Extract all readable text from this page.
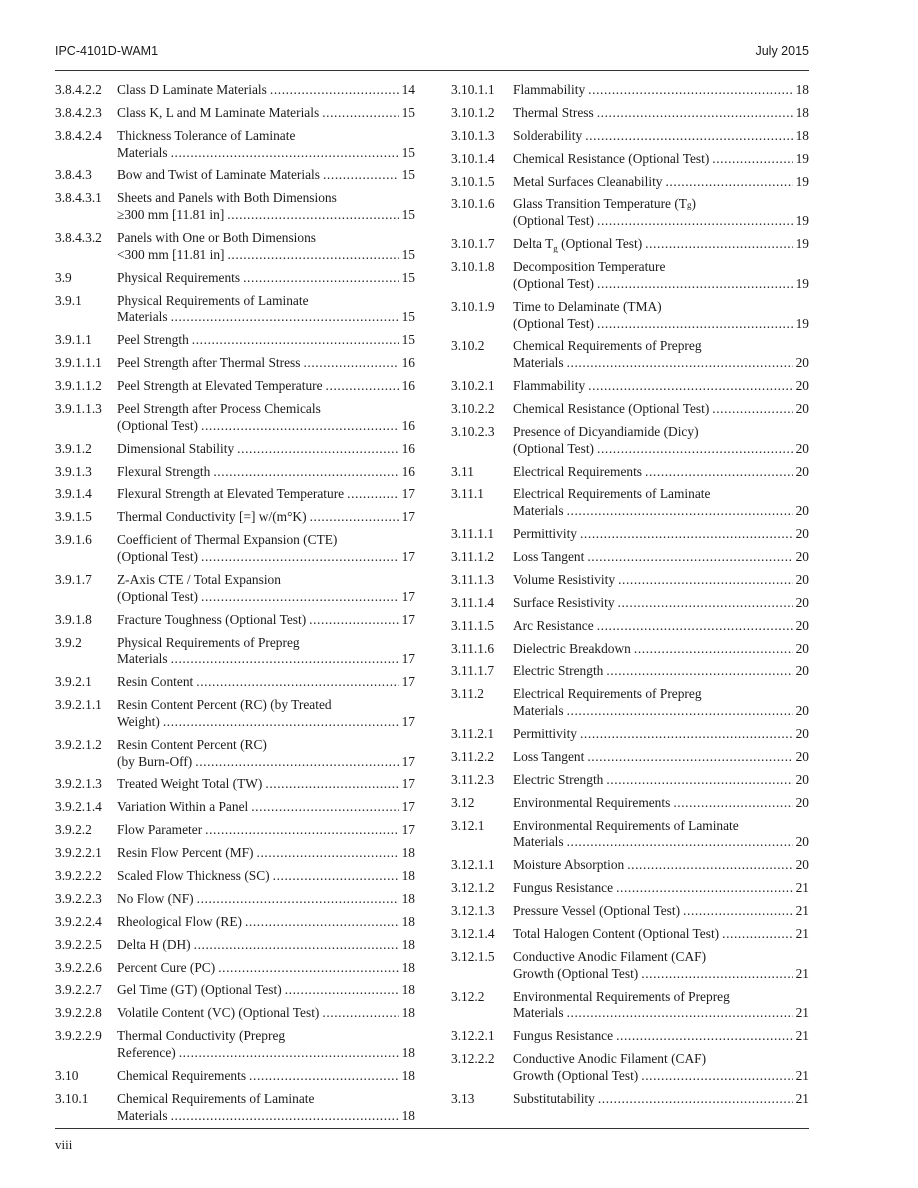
IPC-4101D-WAM1	July 2015
3.8.4.2.2	Class D Laminate Materials .....	14
3.8.4.2.3	Class K, L and M Laminate Materials .....	15
3.8.4.2.4	Thickness Tolerance of Laminate
Materials .....	15
3.8.4.3	Bow and Twist of Laminate Materials .....	15
3.8.4.3.1	Sheets and Panels with Both Dimensions
≥300 mm [11.81 in] .....	15
3.8.4.3.2	Panels with One or Both Dimensions
<300 mm [11.81 in] .....	15
3.9	Physical Requirements .....	15
3.9.1	Physical Requirements of Laminate
Materials .....	15
3.9.1.1	Peel Strength .....	15
3.9.1.1.1	Peel Strength after Thermal Stress .....	16
3.9.1.1.2	Peel Strength at Elevated Temperature .....	16
3.9.1.1.3	Peel Strength after Process Chemicals
(Optional Test) .....	16
3.9.1.2	Dimensional Stability .....	16
3.9.1.3	Flexural Strength .....	16
3.9.1.4	Flexural Strength at Elevated Temperature .....	17
3.9.1.5	Thermal Conductivity [=] w/(m°K) .....	17
3.9.1.6	Coefficient of Thermal Expansion (CTE)
(Optional Test) .....	17
3.9.1.7	Z-Axis CTE / Total Expansion
(Optional Test) .....	17
3.9.1.8	Fracture Toughness (Optional Test) .....	17
3.9.2	Physical Requirements of Prepreg
Materials .....	17
3.9.2.1	Resin Content .....	17
3.9.2.1.1	Resin Content Percent (RC) (by Treated
Weight) .....	17
3.9.2.1.2	Resin Content Percent (RC)
(by Burn-Off) .....	17
3.9.2.1.3	Treated Weight Total (TW) .....	17
3.9.2.1.4	Variation Within a Panel .....	17
3.9.2.2	Flow Parameter .....	17
3.9.2.2.1	Resin Flow Percent (MF) .....	18
3.9.2.2.2	Scaled Flow Thickness (SC) .....	18
3.9.2.2.3	No Flow (NF) .....	18
3.9.2.2.4	Rheological Flow (RE) .....	18
3.9.2.2.5	Delta H (DH) .....	18
3.9.2.2.6	Percent Cure (PC) .....	18
3.9.2.2.7	Gel Time (GT) (Optional Test) .....	18
3.9.2.2.8	Volatile Content (VC) (Optional Test) .....	18
3.9.2.2.9	Thermal Conductivity (Prepreg
Reference) .....	18
3.10	Chemical Requirements .....	18
3.10.1	Chemical Requirements of Laminate
Materials .....	18
3.10.1.1	Flammability .....	18
3.10.1.2	Thermal Stress .....	18
3.10.1.3	Solderability .....	18
3.10.1.4	Chemical Resistance (Optional Test) .....	19
3.10.1.5	Metal Surfaces Cleanability .....	19
3.10.1.6	Glass Transition Temperature (T g )
(Optional Test) .....	19
3.10.1.7	Delta $T_g$ (Optional Test) .....	19
3.10.1.8	Decomposition Temperature
(Optional Test) .....	19
3.10.1.9	Time to Delaminate (TMA)
(Optional Test) .....	19
3.10.2	Chemical Requirements of Prepreg
Materials .....	20
3.10.2.1	Flammability .....	20
3.10.2.2	Chemical Resistance (Optional Test) .....	20
3.10.2.3	Presence of Dicyandiamide (Dicy)
(Optional Test) .....	20
3.11	Electrical Requirements .....	20
3.11.1	Electrical Requirements of Laminate
Materials .....	20
3.11.1.1	Permittivity .....	20
3.11.1.2	Loss Tangent .....	20
3.11.1.3	Volume Resistivity .....	20
3.11.1.4	Surface Resistivity .....	20
3.11.1.5	Arc Resistance .....	20
3.11.1.6	Dielectric Breakdown .....	20
3.11.1.7	Electric Strength .....	20
3.11.2	Electrical Requirements of Prepreg
Materials .....	20
3.11.2.1	Permittivity .....	20
3.11.2.2	Loss Tangent .....	20
3.11.2.3	Electric Strength .....	20
3.12	Environmental Requirements .....	20
3.12.1	Environmental Requirements of Laminate
Materials .....	20
3.12.1.1	Moisture Absorption .....	20
3.12.1.2	Fungus Resistance .....	21
3.12.1.3	Pressure Vessel (Optional Test) .....	21
3.12.1.4	Total Halogen Content (Optional Test) .....	21
3.12.1.5	Conductive Anodic Filament (CAF)
Growth (Optional Test) .....	21
3.12.2	Environmental Requirements of Prepreg
Materials .....	21
3.12.2.1	Fungus Resistance .....	21
3.12.2.2	Conductive Anodic Filament (CAF)
Growth (Optional Test) .....	21
3.13	Substitutability .....	21
viii
